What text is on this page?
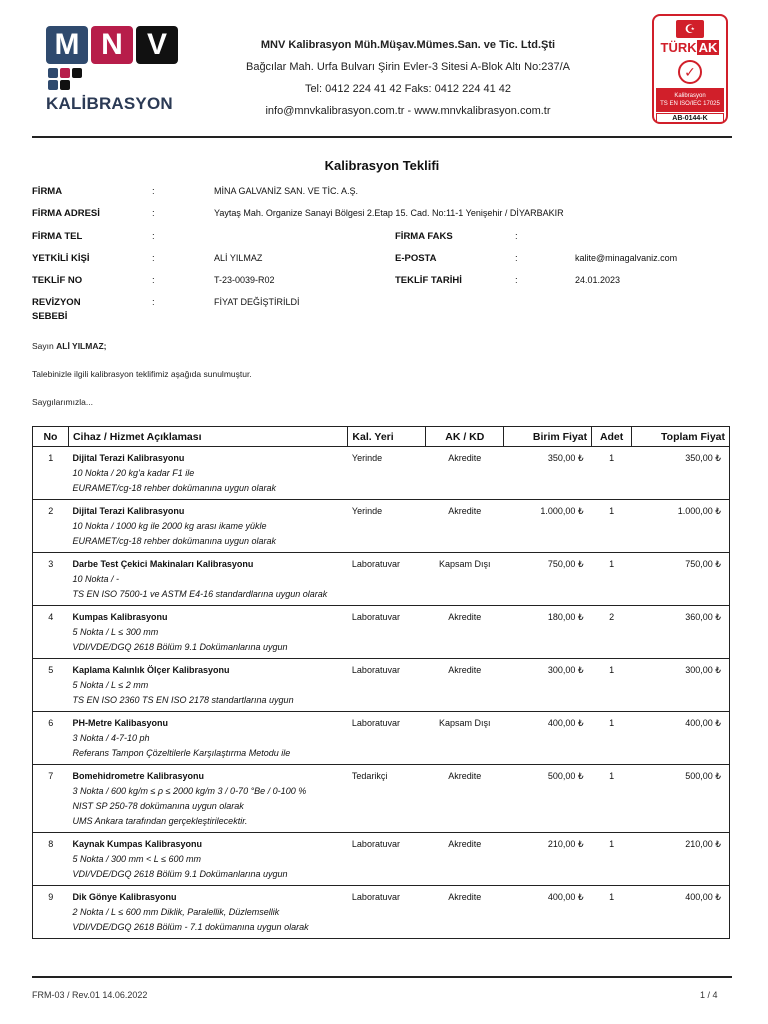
M N V
KALİBRASYON
MNV Kalibrasyon Müh.Müşav.Mümes.San. ve Tic. Ltd.Şti
Bağcılar Mah. Urfa Bulvarı Şirin Evler-3 Sitesi A-Blok Altı No:237/A
Tel: 0412 224 41 42 Faks: 0412 224 41 42
info@mnvkalibrasyon.com.tr - www.mnvkalibrasyon.com.tr
☪
TÜRK AK
✓
Kalibrasyon
TS EN ISO/IEC 17025
AB-0144-K
Kalibrasyon Teklifi
FİRMA	:	MİNA GALVANİZ SAN. VE TİC. A.Ş.
FİRMA ADRESİ	:	Yaytaş Mah. Organize Sanayi Bölgesi 2.Etap 15. Cad. No:11-1 Yenişehir / DİYARBAKIR
FİRMA TEL	:	FİRMA FAKS	:
YETKİLİ KİŞİ	:	ALİ YILMAZ	E-POSTA	:	kalite@minagalvaniz.com
TEKLİF NO	:	T-23-0039-R02	TEKLİF TARİHİ	:	24.01.2023
REVİZYON
SEBEBİ
:	FİYAT DEĞİŞTİRİLDİ
Sayın ALİ YILMAZ;
Talebinizle ilgili kalibrasyon teklifimiz aşağıda sunulmuştur.
Saygılarımızla...
No	Cihaz / Hizmet Açıklaması	Kal. Yeri	AK / KD	Birim Fiyat	Adet	Toplam Fiyat
1	Dijital Terazi Kalibrasyonu
10 Nokta / 20 kg'a kadar F1 ile
EURAMET/cg-18 rehber dokümanına uygun olarak	Yerinde	Akredite	350,00 ₺	1	350,00 ₺
2	Dijital Terazi Kalibrasyonu
10 Nokta / 1000 kg ile 2000 kg arası ikame yükle
EURAMET/cg-18 rehber dokümanına uygun olarak	Yerinde	Akredite	1.000,00 ₺	1	1.000,00 ₺
3	Darbe Test Çekici Makinaları Kalibrasyonu
10 Nokta / -
TS EN ISO 7500-1 ve ASTM E4-16 standardlarına uygun olarak	Laboratuvar	Kapsam Dışı	750,00 ₺	1	750,00 ₺
4	Kumpas Kalibrasyonu
5 Nokta / L ≤ 300 mm
VDI/VDE/DGQ 2618 Bölüm 9.1 Dokümanlarına uygun	Laboratuvar	Akredite	180,00 ₺	2	360,00 ₺
5	Kaplama Kalınlık Ölçer Kalibrasyonu
5 Nokta / L ≤ 2 mm
TS EN ISO 2360 TS EN ISO 2178 standartlarına uygun	Laboratuvar	Akredite	300,00 ₺	1	300,00 ₺
6	PH-Metre Kalibasyonu
3 Nokta / 4-7-10 ph
Referans Tampon Çözeltilerle Karşılaştırma Metodu ile	Laboratuvar	Kapsam Dışı	400,00 ₺	1	400,00 ₺
7	Bomehidrometre Kalibrasyonu
3 Nokta / 600 kg/m ≤ ρ ≤ 2000 kg/m 3 / 0-70 °Be / 0-100 %
NIST SP 250-78 dokümanına uygun olarak
UMS Ankara tarafından gerçekleştirilecektir.	Tedarikçi	Akredite	500,00 ₺	1	500,00 ₺
8	Kaynak Kumpas Kalibrasyonu
5 Nokta / 300 mm < L ≤ 600 mm
VDI/VDE/DGQ 2618 Bölüm 9.1 Dokümanlarına uygun	Laboratuvar	Akredite	210,00 ₺	1	210,00 ₺
9	Dik Gönye Kalibrasyonu
2 Nokta / L ≤ 600 mm Diklik, Paralellik, Düzlemsellik
VDI/VDE/DGQ 2618 Bölüm - 7.1 dokümanına uygun olarak	Laboratuvar	Akredite	400,00 ₺	1	400,00 ₺
FRM-03 / Rev.01 14.06.2022	1 / 4
